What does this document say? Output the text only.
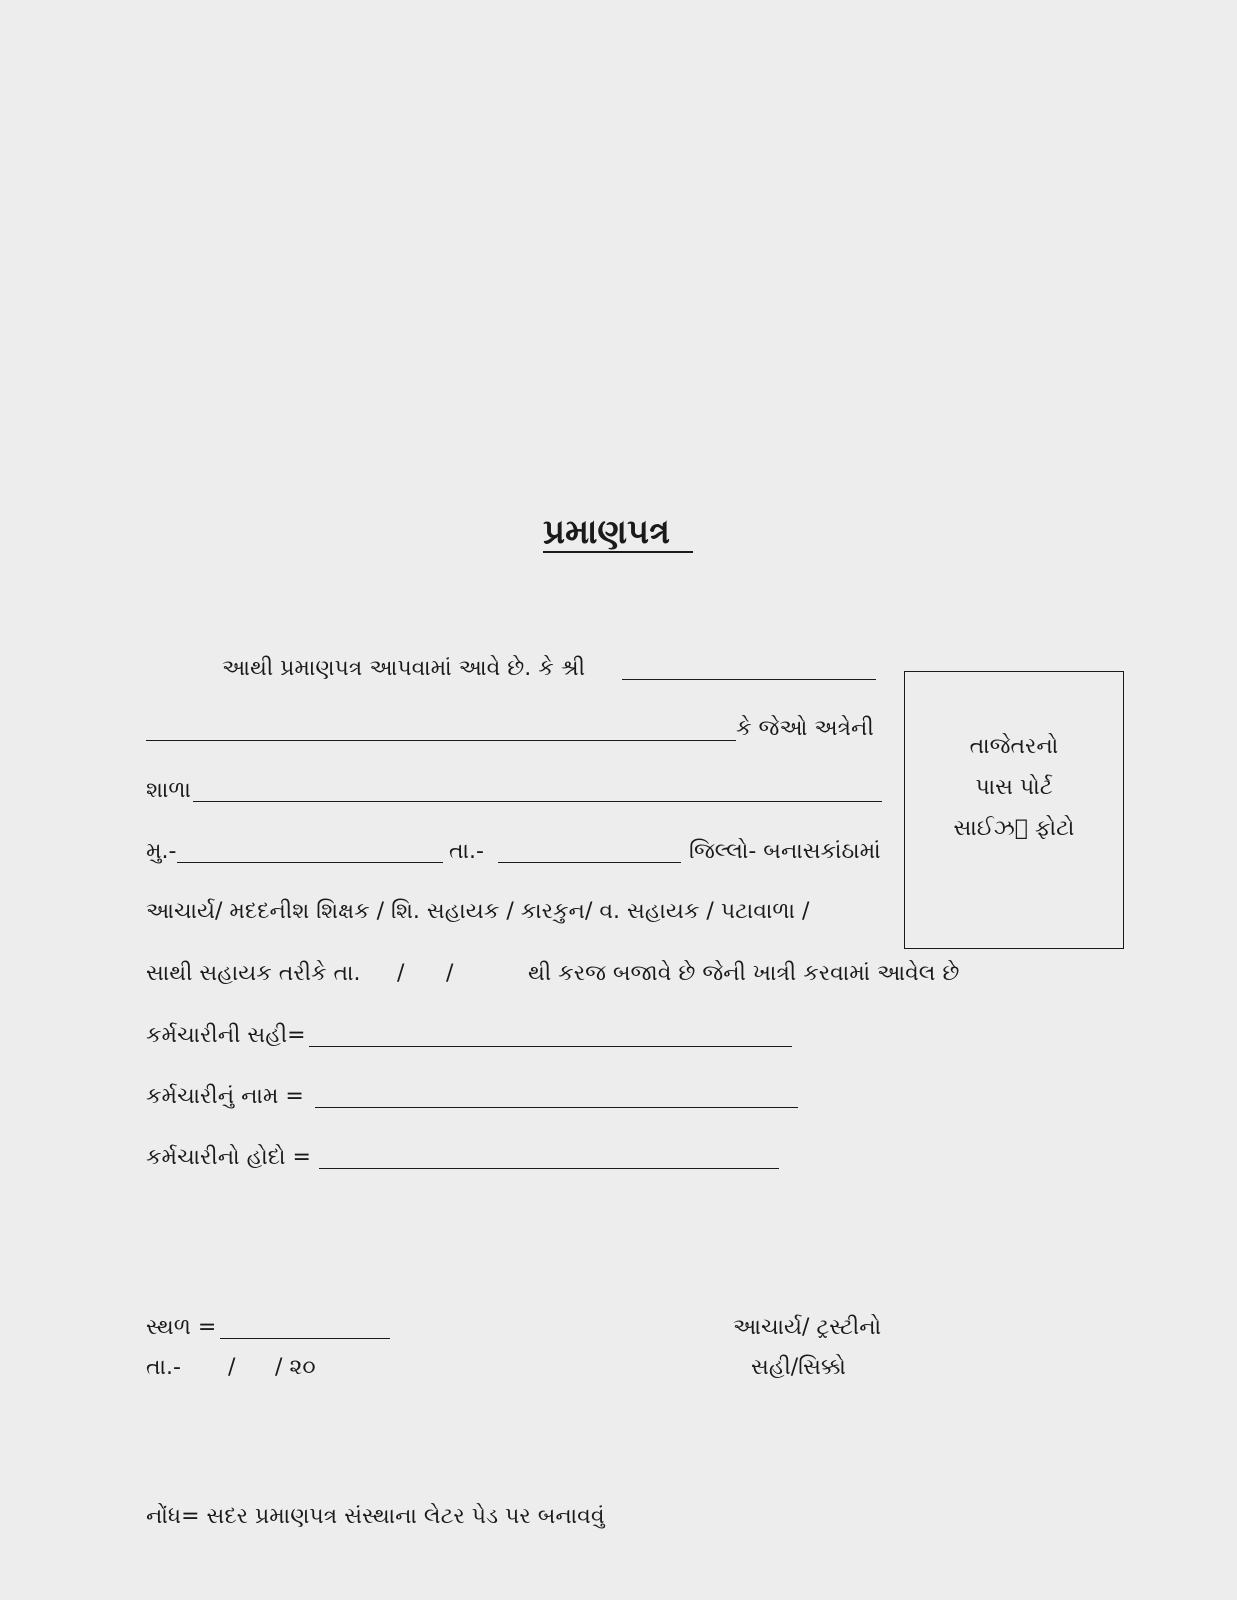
પ્રમાણપત્ર
આથી પ્રમાણપત્ર આપવામાં આવે છે. કે શ્રી
કે જેઓ અત્રેની
શાળા
મુ.-	તા.-	જિલ્લો- બનાસકાંઠામાં
આચાર્ય/ મદદનીશ શિક્ષક / શિ. સહાયક / કારકુન/ વ. સહાયક / પટાવાળા /
સાથી સહાયક તરીકે તા. / /	થી કરજ બજાવે છે જેની ખાત્રી કરવામાં આવેલ છે
તાજેતરનો
પાસ પોર્ટ
સાઈઝ  ફોટો
કર્મચારીની સહી=
કર્મચારીનું નામ =
કર્મચારીનો હોદો =
સ્થળ =
તા.- / / ૨૦
આચાર્ય/ ટ્રસ્ટીનો
સહી/સિક્કો
નોંધ= સદર પ્રમાણપત્ર સંસ્થાના લેટર પેડ પર બનાવવું
